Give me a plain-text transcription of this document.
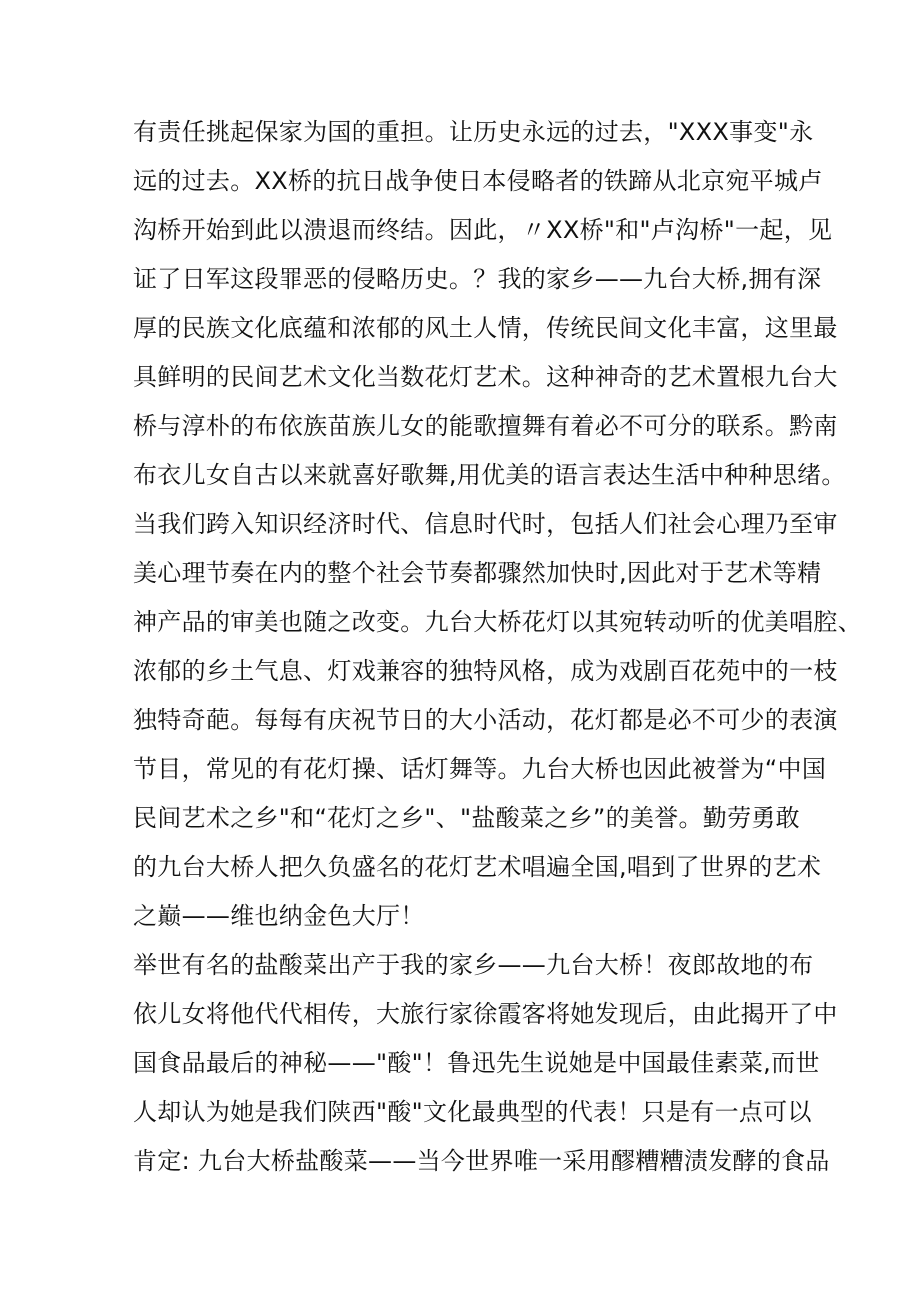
有责任挑起保家为国的重担。让历史永远的过去，"XXX事变"永
远的过去。XX桥的抗日战争使日本侵略者的铁蹄从北京宛平城卢
沟桥开始到此以溃退而终结。因此，〃XX桥"和"卢沟桥"一起，见
证了日军这段罪恶的侵略历史。？我的家乡——九台大桥,拥有深
厚的民族文化底蕴和浓郁的风土人情，传统民间文化丰富，这里最
具鲜明的民间艺术文化当数花灯艺术。这种神奇的艺术置根九台大
桥与淳朴的布依族苗族儿女的能歌擅舞有着必不可分的联系。黔南
布衣儿女自古以来就喜好歌舞,用优美的语言表达生活中种种思绪。
当我们跨入知识经济时代、信息时代时，包括人们社会心理乃至审
美心理节奏在内的整个社会节奏都骤然加快时,因此对于艺术等精
神产品的审美也随之改变。九台大桥花灯以其宛转动听的优美唱腔、
浓郁的乡土气息、灯戏兼容的独特风格，成为戏剧百花苑中的一枝
独特奇葩。每每有庆祝节日的大小活动，花灯都是必不可少的表演
节目，常见的有花灯操、话灯舞等。九台大桥也因此被誉为“中国
民间艺术之乡"和“花灯之乡"、"盐酸菜之乡”的美誉。勤劳勇敢
的九台大桥人把久负盛名的花灯艺术唱遍全国,唱到了世界的艺术
之巅——维也纳金色大厅！
举世有名的盐酸菜出产于我的家乡——九台大桥！夜郎故地的布
依儿女将他代代相传，大旅行家徐霞客将她发现后，由此揭开了中
国食品最后的神秘——"酸"！鲁迅先生说她是中国最佳素菜,而世
人却认为她是我们陕西"酸"文化最典型的代表！只是有一点可以
肯定: 九台大桥盐酸菜——当今世界唯一采用醪糟糟渍发酵的食品
